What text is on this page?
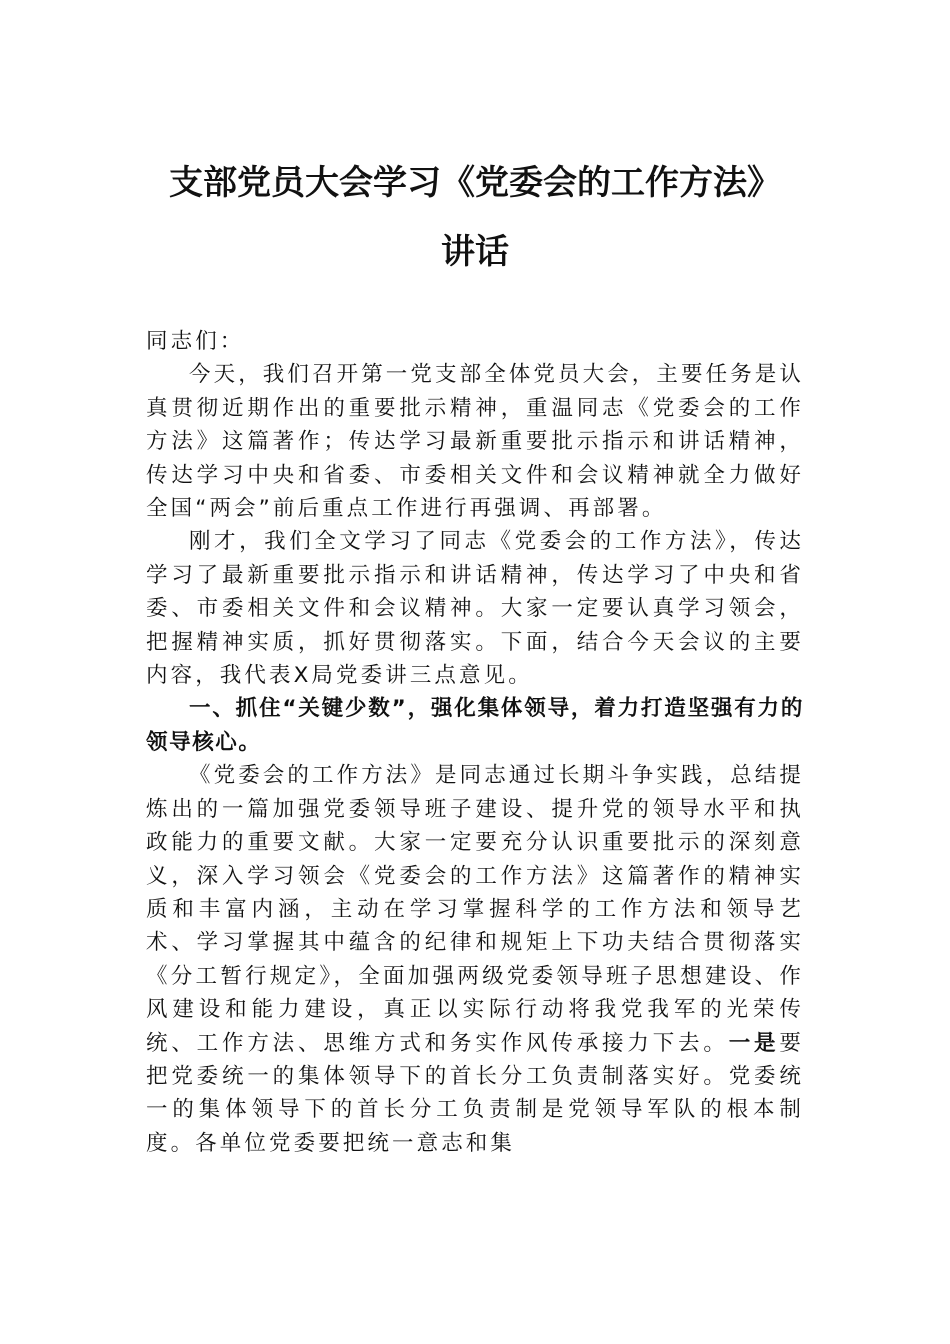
支部党员大会学习《党委会的工作方法》
讲话

同志们：

今天，我们召开第一党支部全体党员大会，主要任务是认真贯彻近期作出的重要批示精神，重温同志《党委会的工作方法》这篇著作；传达学习最新重要批示指示和讲话精神，传达学习中央和省委、市委相关文件和会议精神就全力做好全国“两会”前后重点工作进行再强调、再部署。

刚才，我们全文学习了同志《党委会的工作方法》，传达学习了最新重要批示指示和讲话精神，传达学习了中央和省委、市委相关文件和会议精神。大家一定要认真学习领会，把握精神实质，抓好贯彻落实。下面，结合今天会议的主要内容，我代表X局党委讲三点意见。

一、抓住“关键少数”，强化集体领导，着力打造坚强有力的领导核心。

《党委会的工作方法》是同志通过长期斗争实践，总结提炼出的一篇加强党委领导班子建设、提升党的领导水平和执政能力的重要文献。大家一定要充分认识重要批示的深刻意义，深入学习领会《党委会的工作方法》这篇著作的精神实质和丰富内涵，主动在学习掌握科学的工作方法和领导艺术、学习掌握其中蕴含的纪律和规矩上下功夫结合贯彻落实《分工暂行规定》，全面加强两级党委领导班子思想建设、作风建设和能力建设，真正以实际行动将我党我军的光荣传统、工作方法、思维方式和务实作风传承接力下去。一是要把党委统一的集体领导下的首长分工负责制落实好。党委统一的集体领导下的首长分工负责制是党领导军队的根本制度。各单位党委要把统一意志和集
